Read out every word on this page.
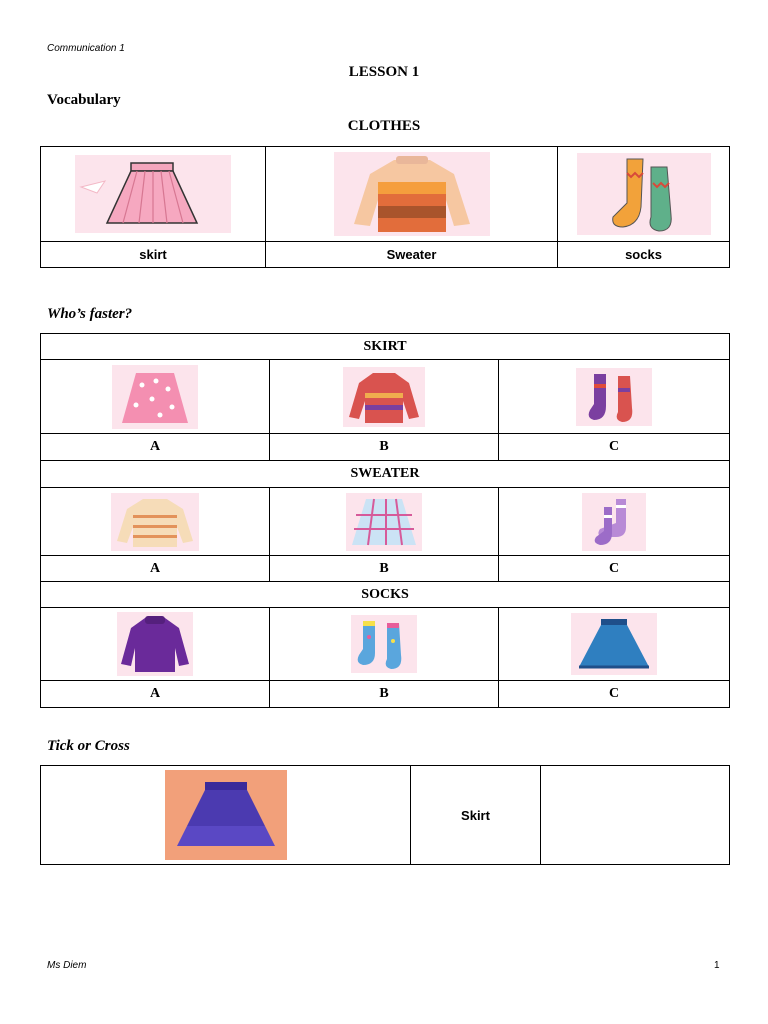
Communication 1
LESSON 1
Vocabulary
CLOTHES

skirt	Sweater	socks
Who’s faster?
SKIRT		

A	B	C
SWEATER		

A	B	C
SOCKS		

A	B	C
Tick or Cross
	Skirt	
Ms Diem	1
